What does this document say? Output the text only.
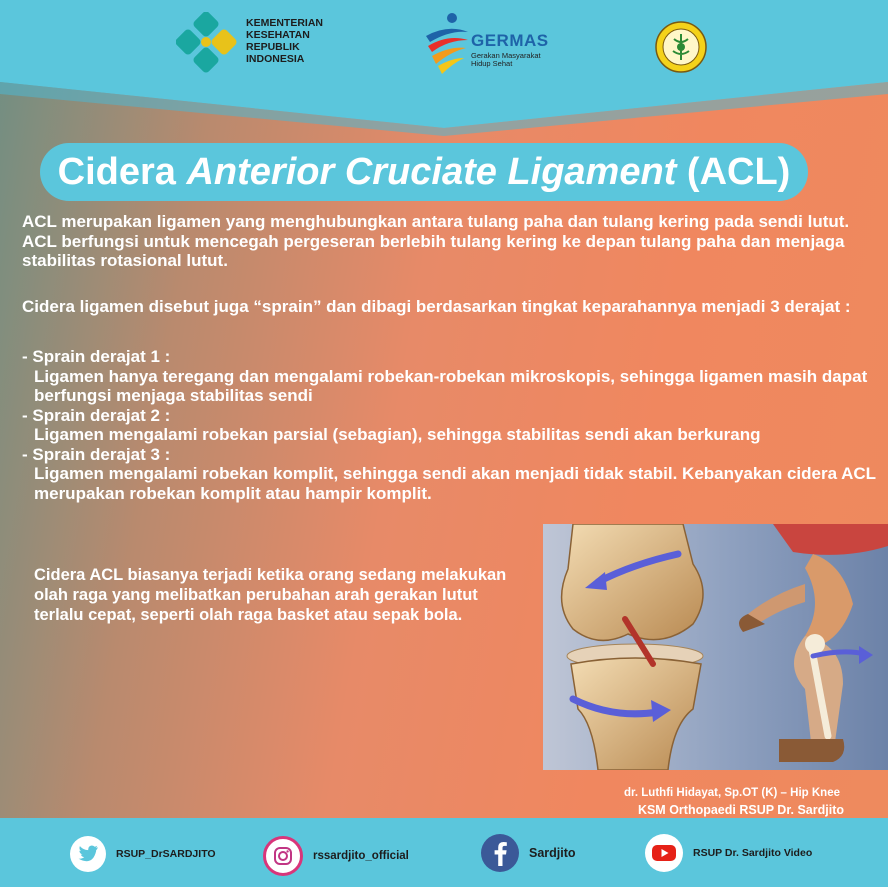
KEMENTERIAN
KESEHATAN
REPUBLIK
INDONESIA
GERMAS
Gerakan Masyarakat
Hidup Sehat
Cidera Anterior Cruciate Ligament (ACL)
ACL merupakan ligamen yang menghubungkan antara tulang paha dan tulang kering pada sendi lutut. ACL berfungsi untuk mencegah pergeseran berlebih tulang kering ke depan tulang paha dan menjaga stabilitas rotasional lutut.
Cidera ligamen disebut juga “sprain” dan dibagi berdasarkan tingkat keparahannya menjadi 3 derajat :
- Sprain derajat 1 :
Ligamen hanya teregang dan mengalami robekan-robekan mikroskopis, sehingga ligamen masih dapat berfungsi menjaga stabilitas sendi
- Sprain derajat 2 :
Ligamen mengalami robekan parsial (sebagian), sehingga stabilitas sendi akan berkurang
- Sprain derajat 3 :
Ligamen mengalami robekan komplit, sehingga sendi akan menjadi tidak stabil. Kebanyakan cidera ACL merupakan robekan komplit atau hampir komplit.
Cidera ACL biasanya terjadi ketika orang sedang melakukan olah raga yang melibatkan perubahan arah gerakan lutut terlalu cepat, seperti olah raga basket atau sepak bola.
dr. Luthfi Hidayat, Sp.OT (K) – Hip Knee
KSM Orthopaedi RSUP Dr. Sardjito
RSUP_DrSARDJITO	rssardjito_official	Sardjito	RSUP Dr. Sardjito Video
